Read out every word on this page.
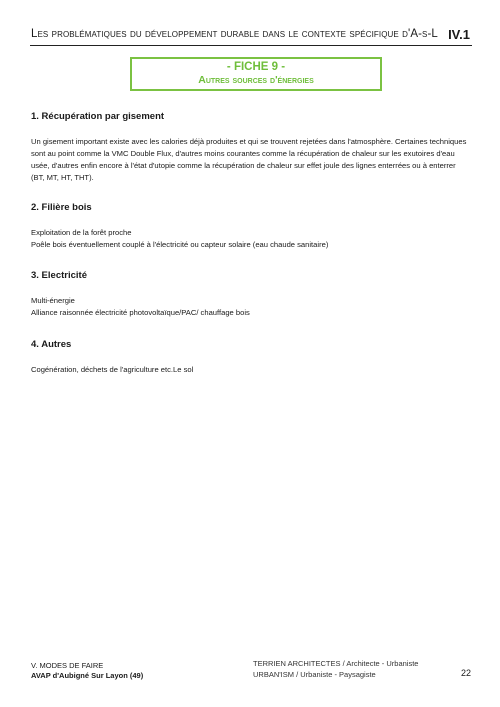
Les problématiques du développement durable dans le contexte spécifique d'A-s-L IV.1
- FICHE 9 -
Autres sources d'énergies
1. Récupération par gisement

Un gisement important existe avec les calories déjà produites et qui se trouvent rejetées dans l'atmosphère. Certaines techniques sont au point comme la VMC Double Flux, d'autres moins courantes comme la récupération de chaleur sur les exutoires d'eau usée, d'autres enfin encore à l'état d'utopie comme la récupération de chaleur sur effet joule des lignes enterrées ou à enterrer (BT, MT, HT, THT).

2. Filière bois

Exploitation de la forêt proche

Poêle bois éventuellement couplé à l'électricité ou capteur solaire (eau chaude sanitaire)

3. Electricité

Multi-énergie

Alliance raisonnée électricité photovoltaïque/PAC/ chauffage bois

4. Autres

Cogénération, déchets de l'agriculture etc.Le sol

V. MODES DE FAIRE
AVAP d'Aubigné Sur Layon (49)
TERRIEN ARCHITECTES / Architecte - Urbaniste
URBAN'ISM / Urbaniste - Paysagiste	22
